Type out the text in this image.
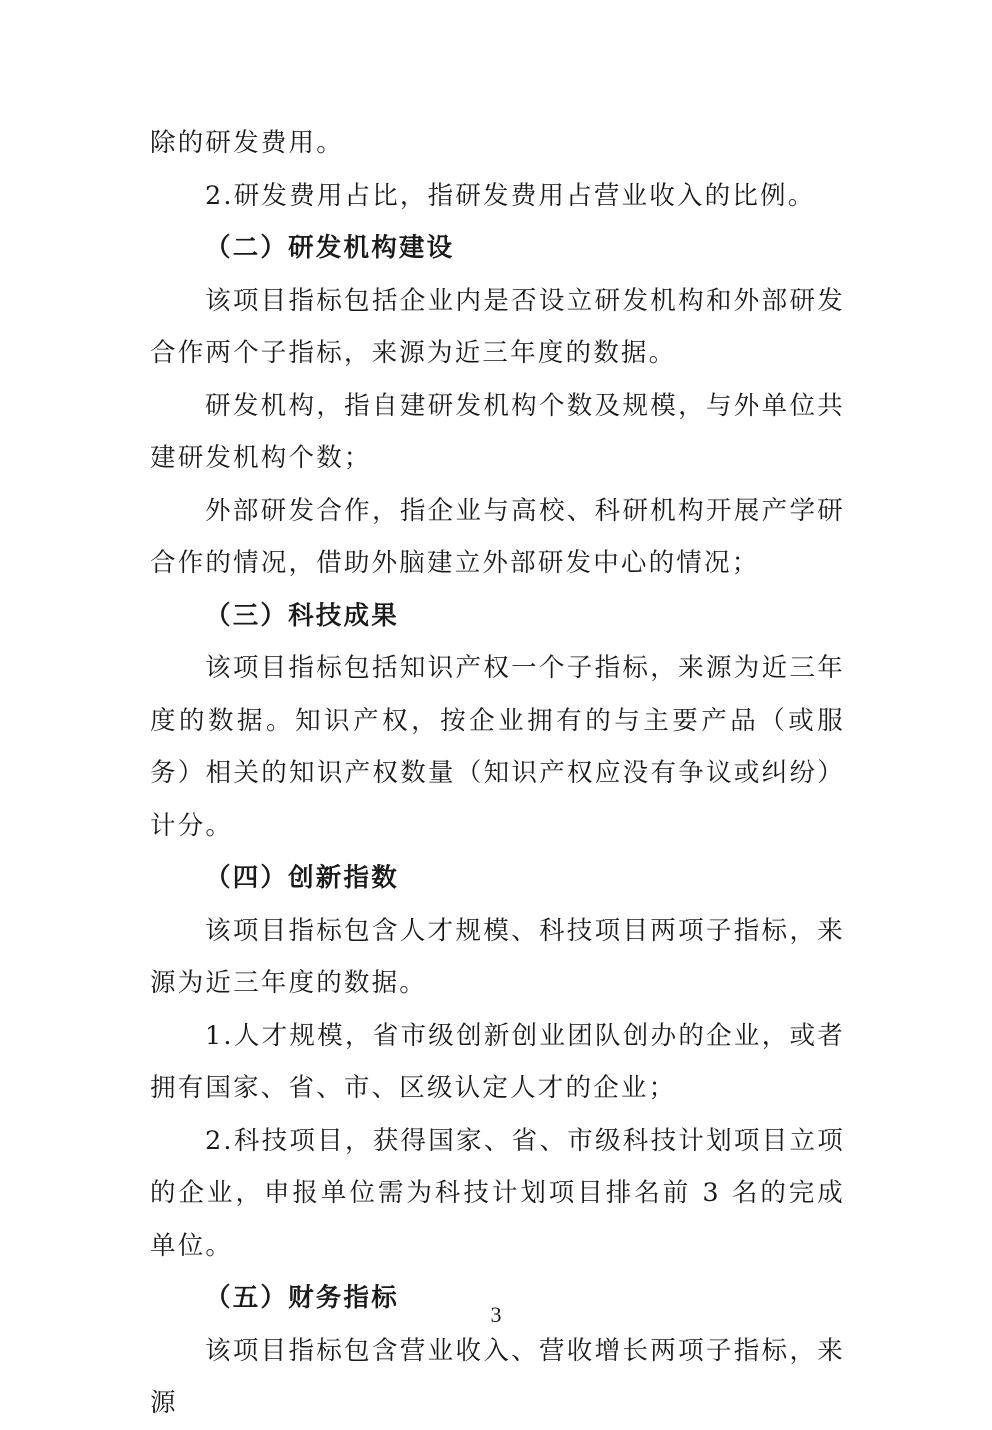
除的研发费用。

2.研发费用占比，指研发费用占营业收入的比例。

（二）研发机构建设

该项目指标包括企业内是否设立研发机构和外部研发合作两个子指标，来源为近三年度的数据。

研发机构，指自建研发机构个数及规模，与外单位共建研发机构个数；

外部研发合作，指企业与高校、科研机构开展产学研合作的情况，借助外脑建立外部研发中心的情况；

（三）科技成果

该项目指标包括知识产权一个子指标，来源为近三年度的数据。知识产权，按企业拥有的与主要产品（或服务）相关的知识产权数量（知识产权应没有争议或纠纷）计分。

（四）创新指数

该项目指标包含人才规模、科技项目两项子指标，来源为近三年度的数据。

1.人才规模，省市级创新创业团队创办的企业，或者拥有国家、省、市、区级认定人才的企业；

2.科技项目，获得国家、省、市级科技计划项目立项的企业，申报单位需为科技计划项目排名前 3 名的完成单位。

（五）财务指标

该项目指标包含营业收入、营收增长两项子指标，来源

3
